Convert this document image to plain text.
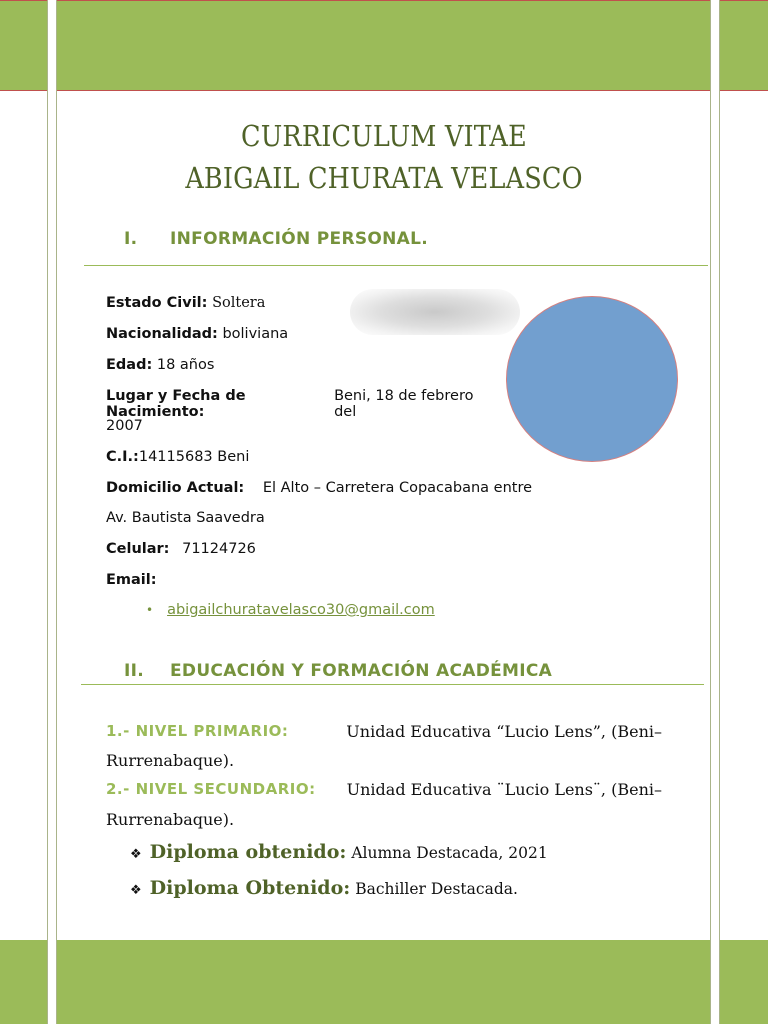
CURRICULUM VITAE
ABIGAIL CHURATA VELASCO
I. INFORMACIÓN PERSONAL.
Estado Civil: Soltera
Nacionalidad: boliviana
Edad: 18 años
Lugar y Fecha de Nacimiento:
Beni, 18 de febrero del
2007
C.I.:14115683 Beni
Domicilio Actual: El Alto – Carretera Copacabana entre
Av. Bautista Saavedra
Celular: 71124726
Email:
• abigailchuratavelasco30@gmail.com
II. EDUCACIÓN Y FORMACIÓN ACADÉMICA
1.- NIVEL PRIMARIO:	Unidad Educativa “Lucio Lens”, (Beni–
Rurrenabaque).
2.- NIVEL SECUNDARIO: Unidad Educativa ¨Lucio Lens¨, (Beni–
Rurrenabaque).
❖ Diploma obtenido: Alumna Destacada, 2021
❖ Diploma Obtenido: Bachiller Destacada.
